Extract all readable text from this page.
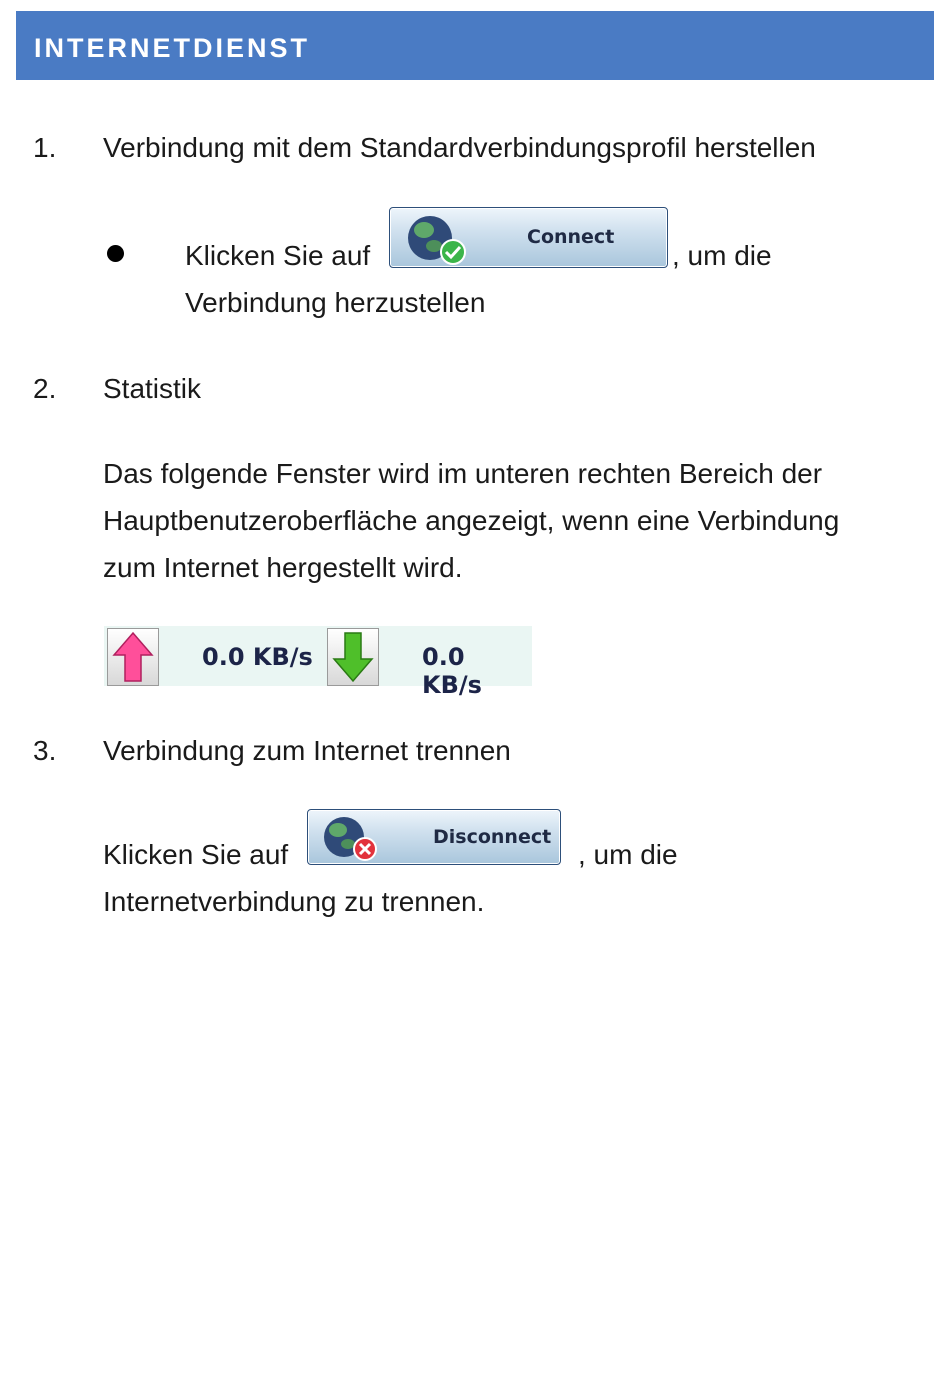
INTERNETDIENST
1. Verbindung mit dem Standardverbindungsprofil herstellen
Klicken Sie auf
Connect
, um die
Verbindung herzustellen
2. Statistik
Das folgende Fenster wird im unteren rechten Bereich der
Hauptbenutzeroberfläche angezeigt, wenn eine Verbindung
zum Internet hergestellt wird.
0.0 KB/s	0.0 KB/s
3. Verbindung zum Internet trennen
Klicken Sie auf
Disconnect
, um die
Internetverbindung zu trennen.
